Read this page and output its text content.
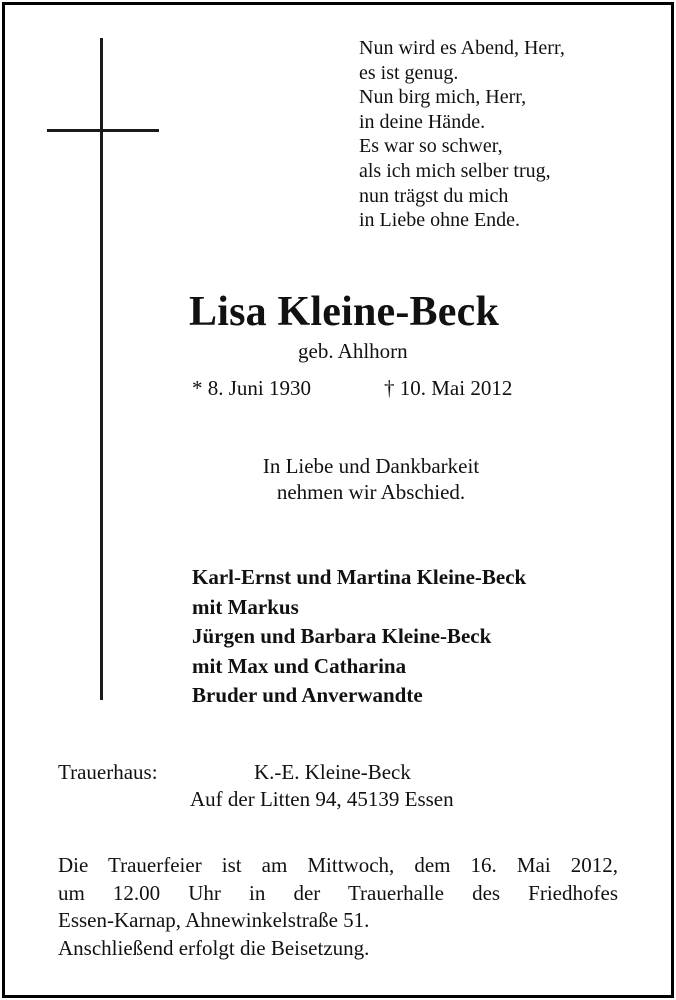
Nun wird es Abend, Herr,
es ist genug.
Nun birg mich, Herr,
in deine Hände.
Es war so schwer,
als ich mich selber trug,
nun trägst du mich
in Liebe ohne Ende.
Lisa Kleine-Beck
geb. Ahlhorn
* 8. Juni 1930	† 10. Mai 2012
In Liebe und Dankbarkeit
nehmen wir Abschied.
Karl-Ernst und Martina Kleine-Beck
mit Markus
Jürgen und Barbara Kleine-Beck
mit Max und Catharina
Bruder und Anverwandte
Trauerhaus:	K.-E. Kleine-Beck
Auf der Litten 94, 45139 Essen
Die Trauerfeier ist am Mittwoch, dem 16. Mai 2012,
um 12.00 Uhr in der Trauerhalle des Friedhofes
Essen-Karnap, Ahnewinkelstraße 51.
Anschließend erfolgt die Beisetzung.
